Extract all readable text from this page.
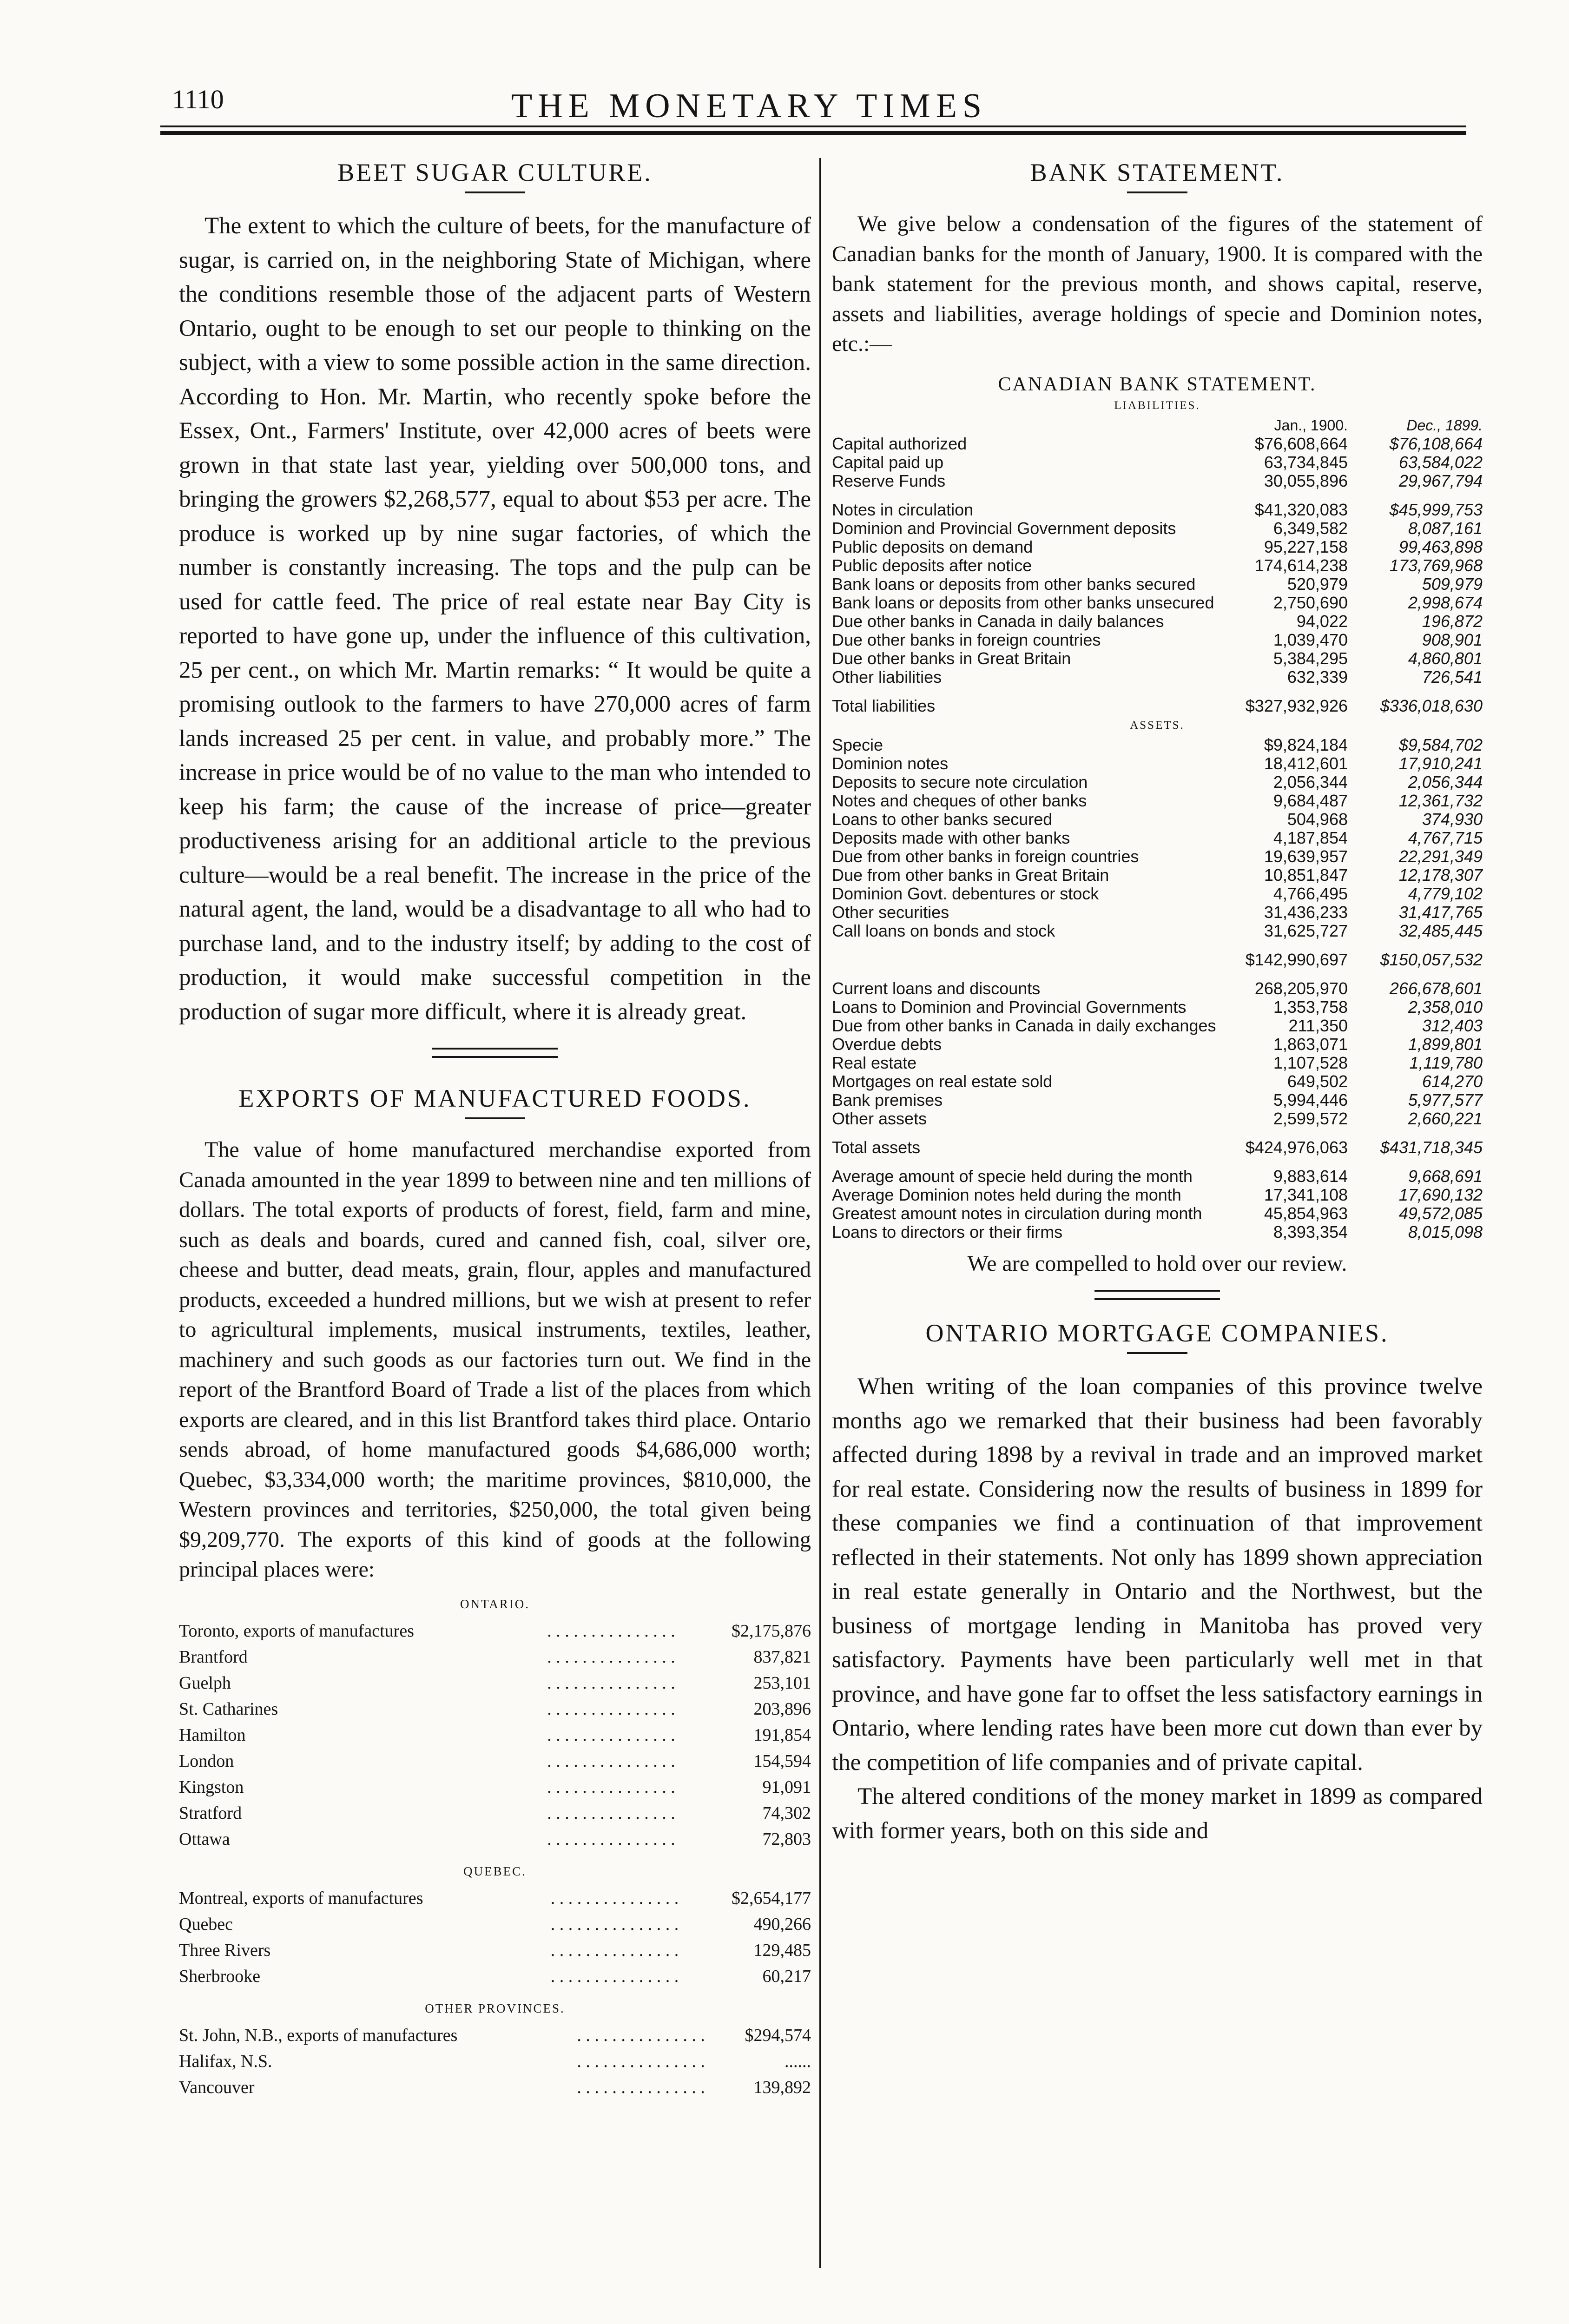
1110	THE MONETARY TIMES
BEET SUGAR CULTURE.

The extent to which the culture of beets, for the manufacture of sugar, is carried on, in the neighboring State of Michigan, where the conditions resemble those of the adjacent parts of Western Ontario, ought to be enough to set our people to thinking on the subject, with a view to some possible action in the same direction. According to Hon. Mr. Martin, who recently spoke before the Essex, Ont., Farmers' Institute, over 42,000 acres of beets were grown in that state last year, yielding over 500,000 tons, and bringing the growers $2,268,577, equal to about $53 per acre. The produce is worked up by nine sugar factories, of which the number is constantly increasing. The tops and the pulp can be used for cattle feed. The price of real estate near Bay City is reported to have gone up, under the influence of this cultivation, 25 per cent., on which Mr. Martin remarks: “ It would be quite a promising outlook to the farmers to have 270,000 acres of farm lands increased 25 per cent. in value, and probably more.” The increase in price would be of no value to the man who intended to keep his farm; the cause of the increase of price—greater productiveness arising for an additional article to the previous culture—would be a real benefit. The increase in the price of the natural agent, the land, would be a disadvantage to all who had to purchase land, and to the industry itself; by adding to the cost of production, it would make successful competition in the production of sugar more difficult, where it is already great.

EXPORTS OF MANUFACTURED FOODS.

The value of home manufactured merchandise exported from Canada amounted in the year 1899 to between nine and ten millions of dollars. The total exports of products of forest, field, farm and mine, such as deals and boards, cured and canned fish, coal, silver ore, cheese and butter, dead meats, grain, flour, apples and manufactured products, exceeded a hundred millions, but we wish at present to refer to agricultural implements, musical instruments, textiles, leather, machinery and such goods as our factories turn out. We find in the report of the Brantford Board of Trade a list of the places from which exports are cleared, and in this list Brantford takes third place. Ontario sends abroad, of home manufactured goods $4,686,000 worth; Quebec, $3,334,000 worth; the maritime provinces, $810,000, the Western provinces and territories, $250,000, the total given being $9,209,770. The exports of this kind of goods at the following principal places were:

ONTARIO.
Toronto, exports of manufactures	. . . . . . . . . . . . . . .	$2,175,876
Brantford	. . . . . . . . . . . . . . .	837,821
Guelph	. . . . . . . . . . . . . . .	253,101
St. Catharines	. . . . . . . . . . . . . . .	203,896
Hamilton	. . . . . . . . . . . . . . .	191,854
London	. . . . . . . . . . . . . . .	154,594
Kingston	. . . . . . . . . . . . . . .	91,091
Stratford	. . . . . . . . . . . . . . .	74,302
Ottawa	. . . . . . . . . . . . . . .	72,803
QUEBEC.
Montreal, exports of manufactures	. . . . . . . . . . . . . . .	$2,654,177
Quebec	. . . . . . . . . . . . . . .	490,266
Three Rivers	. . . . . . . . . . . . . . .	129,485
Sherbrooke	. . . . . . . . . . . . . . .	60,217
OTHER PROVINCES.
St. John, N.B., exports of manufactures	. . . . . . . . . . . . . . .	$294,574
Halifax, N.S.	. . . . . . . . . . . . . . .	......
Vancouver	. . . . . . . . . . . . . . .	139,892
BANK STATEMENT.

We give below a condensation of the figures of the statement of Canadian banks for the month of January, 1900. It is compared with the bank statement for the previous month, and shows capital, reserve, assets and liabilities, average holdings of specie and Dominion notes, etc.:—

CANADIAN BANK STATEMENT.
LIABILITIES.
	Jan., 1900.	Dec., 1899.
Capital authorized	$76,608,664	$76,108,664
Capital paid up	63,734,845	63,584,022
Reserve Funds	30,055,896	29,967,794
Notes in circulation	$41,320,083	$45,999,753
Dominion and Provincial Government deposits	6,349,582	8,087,161
Public deposits on demand	95,227,158	99,463,898
Public deposits after notice	174,614,238	173,769,968
Bank loans or deposits from other banks secured	520,979	509,979
Bank loans or deposits from other banks unsecured	2,750,690	2,998,674
Due other banks in Canada in daily balances	94,022	196,872
Due other banks in foreign countries	1,039,470	908,901
Due other banks in Great Britain	5,384,295	4,860,801
Other liabilities	632,339	726,541
Total liabilities	$327,932,926	$336,018,630
ASSETS.
Specie	$9,824,184	$9,584,702
Dominion notes	18,412,601	17,910,241
Deposits to secure note circulation	2,056,344	2,056,344
Notes and cheques of other banks	9,684,487	12,361,732
Loans to other banks secured	504,968	374,930
Deposits made with other banks	4,187,854	4,767,715
Due from other banks in foreign countries	19,639,957	22,291,349
Due from other banks in Great Britain	10,851,847	12,178,307
Dominion Govt. debentures or stock	4,766,495	4,779,102
Other securities	31,436,233	31,417,765
Call loans on bonds and stock	31,625,727	32,485,445
	$142,990,697	$150,057,532
Current loans and discounts	268,205,970	266,678,601
Loans to Dominion and Provincial Governments	1,353,758	2,358,010
Due from other banks in Canada in daily exchanges	211,350	312,403
Overdue debts	1,863,071	1,899,801
Real estate	1,107,528	1,119,780
Mortgages on real estate sold	649,502	614,270
Bank premises	5,994,446	5,977,577
Other assets	2,599,572	2,660,221
Total assets	$424,976,063	$431,718,345
Average amount of specie held during the month	9,883,614	9,668,691
Average Dominion notes held during the month	17,341,108	17,690,132
Greatest amount notes in circulation during month	45,854,963	49,572,085
Loans to directors or their firms	8,393,354	8,015,098

We are compelled to hold over our review.

ONTARIO MORTGAGE COMPANIES.

When writing of the loan companies of this province twelve months ago we remarked that their business had been favorably affected during 1898 by a revival in trade and an improved market for real estate. Considering now the results of business in 1899 for these companies we find a continuation of that improvement reflected in their statements. Not only has 1899 shown appreciation in real estate generally in Ontario and the Northwest, but the business of mortgage lending in Manitoba has proved very satisfactory. Payments have been particularly well met in that province, and have gone far to offset the less satisfactory earnings in Ontario, where lending rates have been more cut down than ever by the competition of life companies and of private capital.

The altered conditions of the money market in 1899 as compared with former years, both on this side and
